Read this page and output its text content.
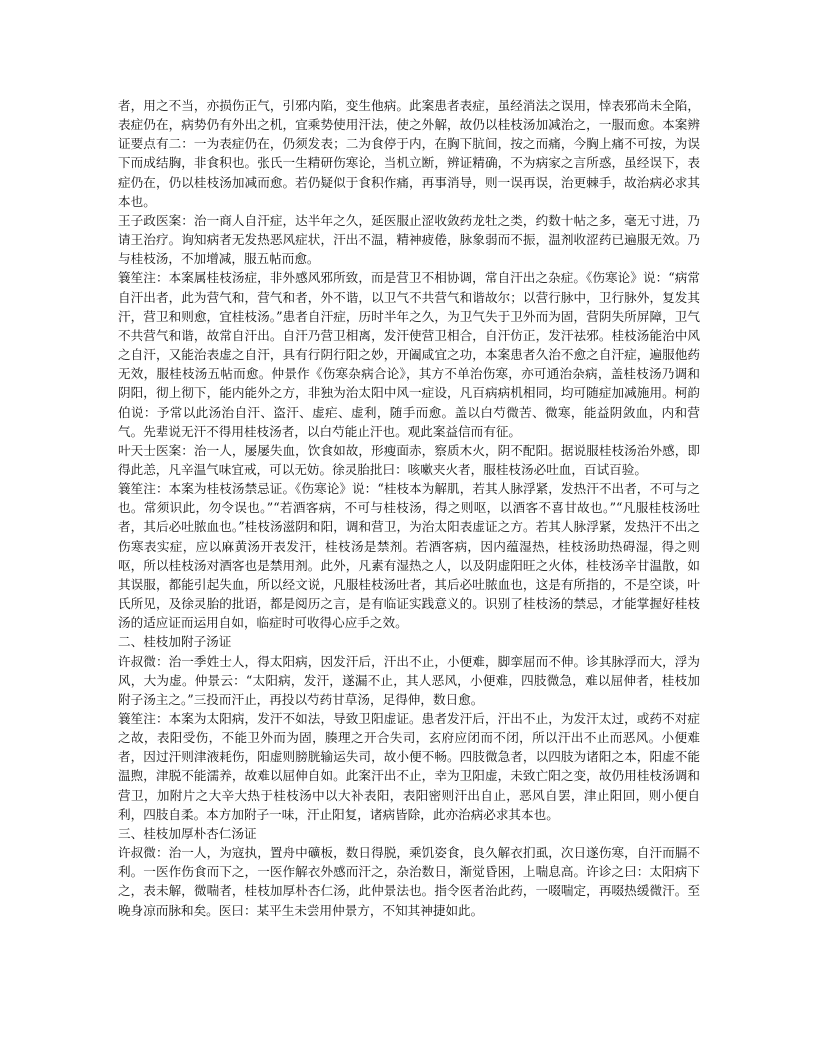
者，用之不当，亦损伤正气，引邪内陷，变生他病。此案患者表症，虽经消法之误用，悻表邪尚未全陷，表症仍在，病势仍有外出之机，宜乘势使用汗法，使之外解，故仍以桂枝汤加减治之，一服而愈。本案辨证要点有二：一为表症仍在，仍须发表；二为食停于内，在胸下肮间，按之而痛，今胸上痛不可按，为误下而成结胸，非食积也。张氏一生精研伤寒论，当机立断，辨证精确，不为病家之言所惑，虽经误下，表症仍在，仍以桂枝汤加减而愈。若仍疑似于食积作痛，再事消导，则一误再误，治更棘手，故治病必求其本也。

王子政医案：治一商人自汗症，达半年之久，延医服止涩收敛药龙牡之类，约数十帖之多，毫无寸进，乃请王治疗。询知病者无发热恶风症状，汗出不温，精神疲倦，脉象弱而不振，温剂收涩药已遍服无效。乃与桂枝汤，不加增减，服五帖而愈。

簔笙注：本案属桂枝汤症，非外感风邪所致，而是营卫不相协调，常自汗出之杂症。《伤寒论》说：“病常自汗出者，此为营气和，营气和者，外不谐，以卫气不共营气和谐故尔；以营行脉中，卫行脉外，复发其汗，营卫和则愈，宜桂枝汤。”患者自汗症，历时半年之久，为卫气失于卫外而为固，营阴失所屏障，卫气不共营气和谐，故常自汗出。自汗乃营卫相离，发汗使营卫相合，自汗仿正，发汗祛邪。桂枝汤能治中风之自汗，又能治表虚之自汗，具有行阴行阳之妙，开阖咸宜之功，本案患者久治不愈之自汗症，遍服他药无效，服桂枝汤五帖而愈。仲景作《伤寒杂病合论》，其方不单治伤寒，亦可通治杂病，盖桂枝汤乃调和阴阳，彻上彻下，能内能外之方，非独为治太阳中风一症设，凡百病病机相同，均可随症加减施用。柯韵伯说：予常以此汤治自汗、盗汗、虚疟、虚利，随手而愈。盖以白芍微苦、微寒，能益阴敛血，内和营气。先辈说无汗不得用桂枝汤者，以白芍能止汗也。观此案益信而有征。

叶天士医案：治一人，屡屡失血，饮食如故，形瘦面赤，察质木火，阴不配阳。据说服桂枝汤治外感，即得此恙，凡辛温气味宜戒，可以无妨。徐灵胎批曰：咳嗽夹火者，服桂枝汤必吐血，百试百验。

簔笙注：本案为桂枝汤禁忌证。《伤寒论》说：“桂枝本为解肌，若其人脉浮紧，发热汗不出者，不可与之也。常须识此，勿令误也。”“若酒客病，不可与桂枝汤，得之则呕，以酒客不喜甘故也。”“凡服桂枝汤吐者，其后必吐脓血也。”桂枝汤滋阴和阳，调和营卫，为治太阳表虚证之方。若其人脉浮紧，发热汗不出之伤寒表实症，应以麻黄汤开表发汗，桂枝汤是禁剂。若酒客病，因内蕴湿热，桂枝汤助热碍湿，得之则呕，所以桂枝汤对酒客也是禁用剂。此外，凡素有湿热之人，以及阴虚阳旺之火体，桂枝汤辛甘温散，如其误服，都能引起失血，所以经文说，凡服桂枝汤吐者，其后必吐脓血也，这是有所指的，不是空谈，叶氏所见，及徐灵胎的批语，都是阅历之言，是有临证实践意义的。识别了桂枝汤的禁忌，才能掌握好桂枝汤的适应证而运用自如，临症时可收得心应手之效。

二、桂枝加附子汤证

许叔微：治一季姓士人，得太阳病，因发汗后，汗出不止，小便难，脚挛屈而不伸。诊其脉浮而大，浮为风，大为虚。仲景云：“太阳病，发汗，遂漏不止，其人恶风，小便难，四肢微急，难以屈伸者，桂枝加附子汤主之。”三投而汗止，再投以芍药甘草汤，足得伸，数日愈。

簔笙注：本案为太阳病，发汗不如法，导致卫阳虚证。患者发汗后，汗出不止，为发汗太过，或药不对症之故，表阳受伤，不能卫外而为固，腠理之开合失司，玄府应闭而不闭，所以汗出不止而恶风。小便难者，因过汗则津液耗伤，阳虚则膀胱输运失司，故小便不畅。四肢微急者，以四肢为诸阳之本，阳虚不能温煦，津脱不能濡养，故难以屈伸自如。此案汗出不止，幸为卫阳虚，未致亡阳之变，故仍用桂枝汤调和营卫，加附片之大辛大热于桂枝汤中以大补表阳，表阳密则汗出自止，恶风自罢，津止阳回，则小便自利，四肢自柔。本方加附子一味，汗止阳复，诸病皆除，此亦治病必求其本也。

三、桂枝加厚朴杏仁汤证

许叔微：治一人，为寇执，置舟中礦板，数日得脱，乘饥姿食，良久解衣扪虱，次日遂伤寒，自汗而膈不利。一医作伤食而下之，一医作解衣外感而汗之，杂治数日，渐觉昏困，上喘息高。许诊之曰：太阳病下之，表未解，微喘者，桂枝加厚朴杏仁汤，此仲景法也。指令医者治此药，一啜喘定，再啜热缓微汗。至晚身凉而脉和矣。医曰：某平生未尝用仲景方，不知其神捷如此。
